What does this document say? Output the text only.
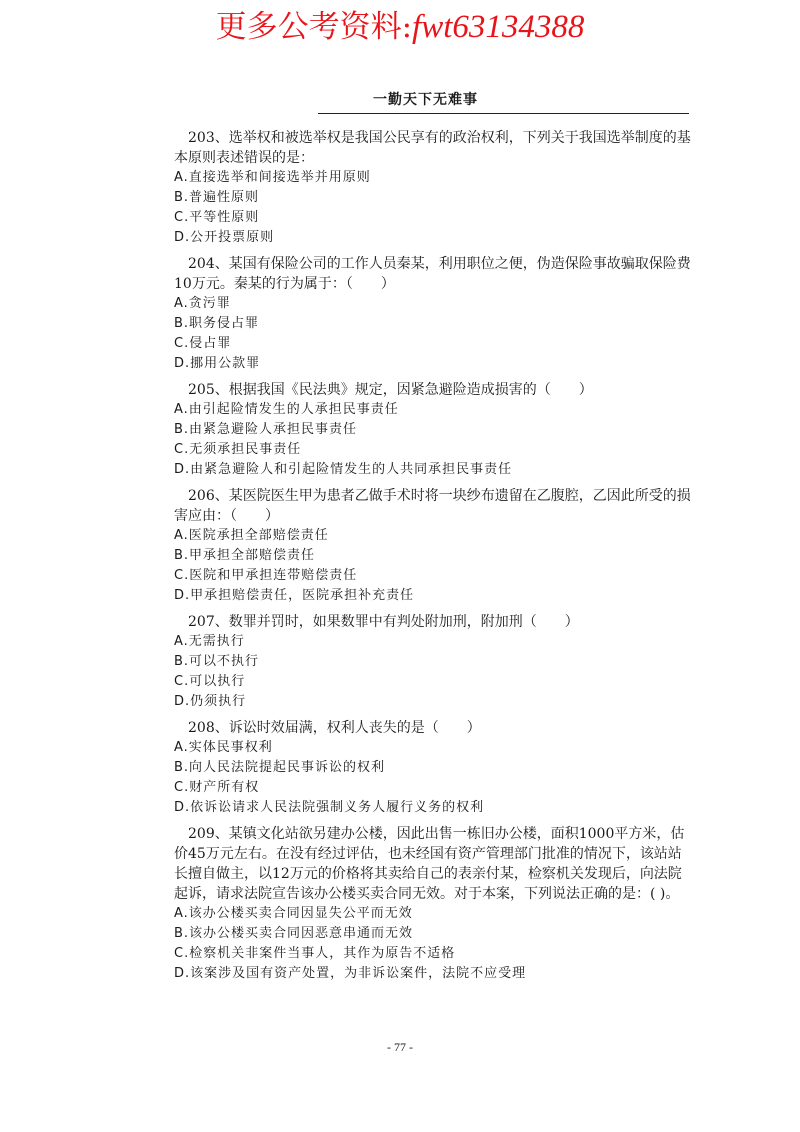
更多公考资料:fwt63134388
一勤天下无难事

203、选举权和被选举权是我国公民享有的政治权利，下列关于我国选举制度的基本原则表述错误的是：

A.直接选举和间接选举并用原则

B.普遍性原则

C.平等性原则

D.公开投票原则

204、某国有保险公司的工作人员秦某，利用职位之便，伪造保险事故骗取保险费10万元。秦某的行为属于：（　　）

A.贪污罪

B.职务侵占罪

C.侵占罪

D.挪用公款罪

205、根据我国《民法典》规定，因紧急避险造成损害的（　　）

A.由引起险情发生的人承担民事责任

B.由紧急避险人承担民事责任

C.无须承担民事责任

D.由紧急避险人和引起险情发生的人共同承担民事责任

206、某医院医生甲为患者乙做手术时将一块纱布遗留在乙腹腔，乙因此所受的损害应由：（　　）

A.医院承担全部赔偿责任

B.甲承担全部赔偿责任

C.医院和甲承担连带赔偿责任

D.甲承担赔偿责任，医院承担补充责任

207、数罪并罚时，如果数罪中有判处附加刑，附加刑（　　）

A.无需执行

B.可以不执行

C.可以执行

D.仍须执行

208、诉讼时效届满，权利人丧失的是（　　）

A.实体民事权利

B.向人民法院提起民事诉讼的权利

C.财产所有权

D.依诉讼请求人民法院强制义务人履行义务的权利

209、某镇文化站欲另建办公楼，因此出售一栋旧办公楼，面积1000平方米，估价45万元左右。在没有经过评估，也未经国有资产管理部门批准的情况下，该站站长擅自做主，以12万元的价格将其卖给自己的表亲付某，检察机关发现后，向法院起诉，请求法院宣告该办公楼买卖合同无效。对于本案，下列说法正确的是：( )。

A.该办公楼买卖合同因显失公平而无效

B.该办公楼买卖合同因恶意串通而无效

C.检察机关非案件当事人，其作为原告不适格

D.该案涉及国有资产处置，为非诉讼案件，法院不应受理

- 77 -
